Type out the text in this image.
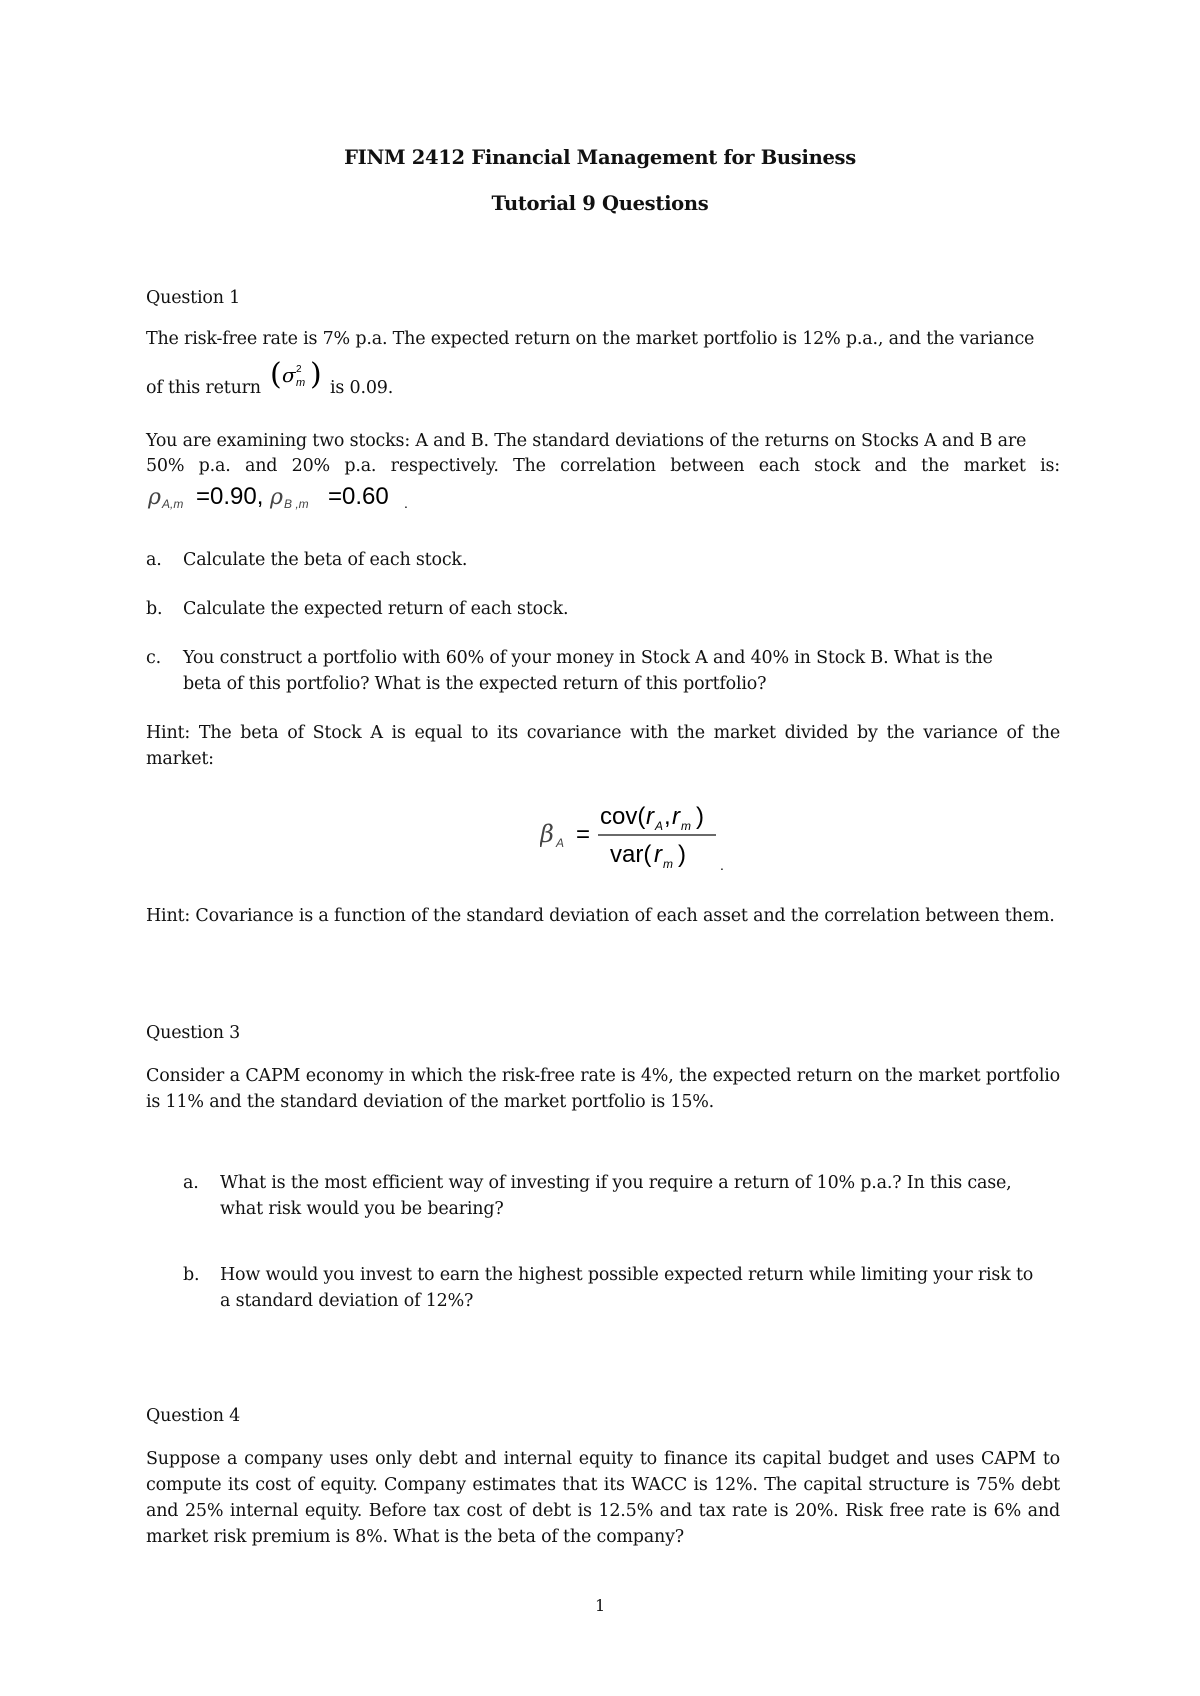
FINM 2412 Financial Management for Business
Tutorial 9 Questions
Question 1
The risk-free rate is 7% p.a. The expected return on the market portfolio is 12% p.a., and the variance
of this return ( σ 2
m ) is 0.09.
You are examining two stocks: A and B. The standard deviations of the returns on Stocks A and B are
50% p.a. and 20% p.a. respectively. The correlation between each stock and the market is:
ρ A,m =0.90, ρ B ,m =0.60 .
a. Calculate the beta of each stock.
b. Calculate the expected return of each stock.
c. You construct a portfolio with 60% of your money in Stock A and 40% in Stock B. What is the
beta of this portfolio? What is the expected return of this portfolio?
Hint: The beta of Stock A is equal to its covariance with the market divided by the variance of the market:
β A =
cov( r A , r m )
var( r m ) .
Hint: Covariance is a function of the standard deviation of each asset and the correlation between them.
Question 3
Consider a CAPM economy in which the risk-free rate is 4%, the expected return on the market portfolio is 11% and the standard deviation of the market portfolio is 15%.
a. What is the most efficient way of investing if you require a return of 10% p.a.? In this case,
what risk would you be bearing?
b. How would you invest to earn the highest possible expected return while limiting your risk to
a standard deviation of 12%?
Question 4
Suppose a company uses only debt and internal equity to finance its capital budget and uses CAPM to compute its cost of equity. Company estimates that its WACC is 12%. The capital structure is 75% debt and 25% internal equity. Before tax cost of debt is 12.5% and tax rate is 20%. Risk free rate is 6% and market risk premium is 8%. What is the beta of the company?
1
